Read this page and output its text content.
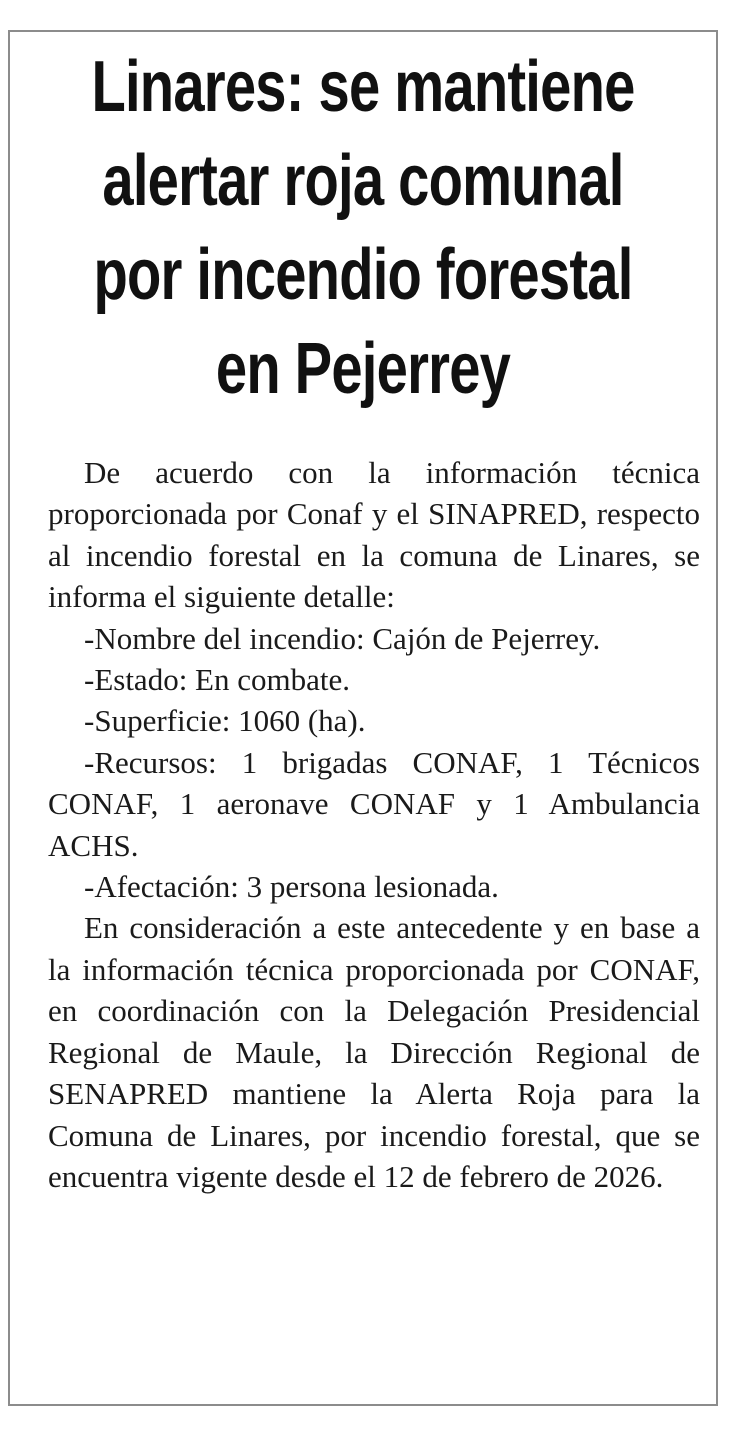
Linares: se mantiene
alertar roja comunal
por incendio forestal
en Pejerrey

De acuerdo con la información técnica proporcionada por Conaf y el SINAPRED, respecto al incendio forestal en la comuna de Linares, se informa el siguiente detalle:

-Nombre del incendio: Cajón de Pejerrey.

-Estado: En combate.

-Superficie: 1060 (ha).

-Recursos: 1 brigadas CONAF, 1 Técnicos CONAF, 1 aeronave CONAF y 1 Ambulancia ACHS.

-Afectación: 3 persona lesionada.

En consideración a este antecedente y en base a la información técnica proporcionada por CONAF, en coordinación con la Delegación Presidencial Regional de Maule, la Dirección Regional de SENAPRED mantiene la Alerta Roja para la Comuna de Linares, por incendio forestal, que se encuentra vigente desde el 12 de febrero de 2026.
